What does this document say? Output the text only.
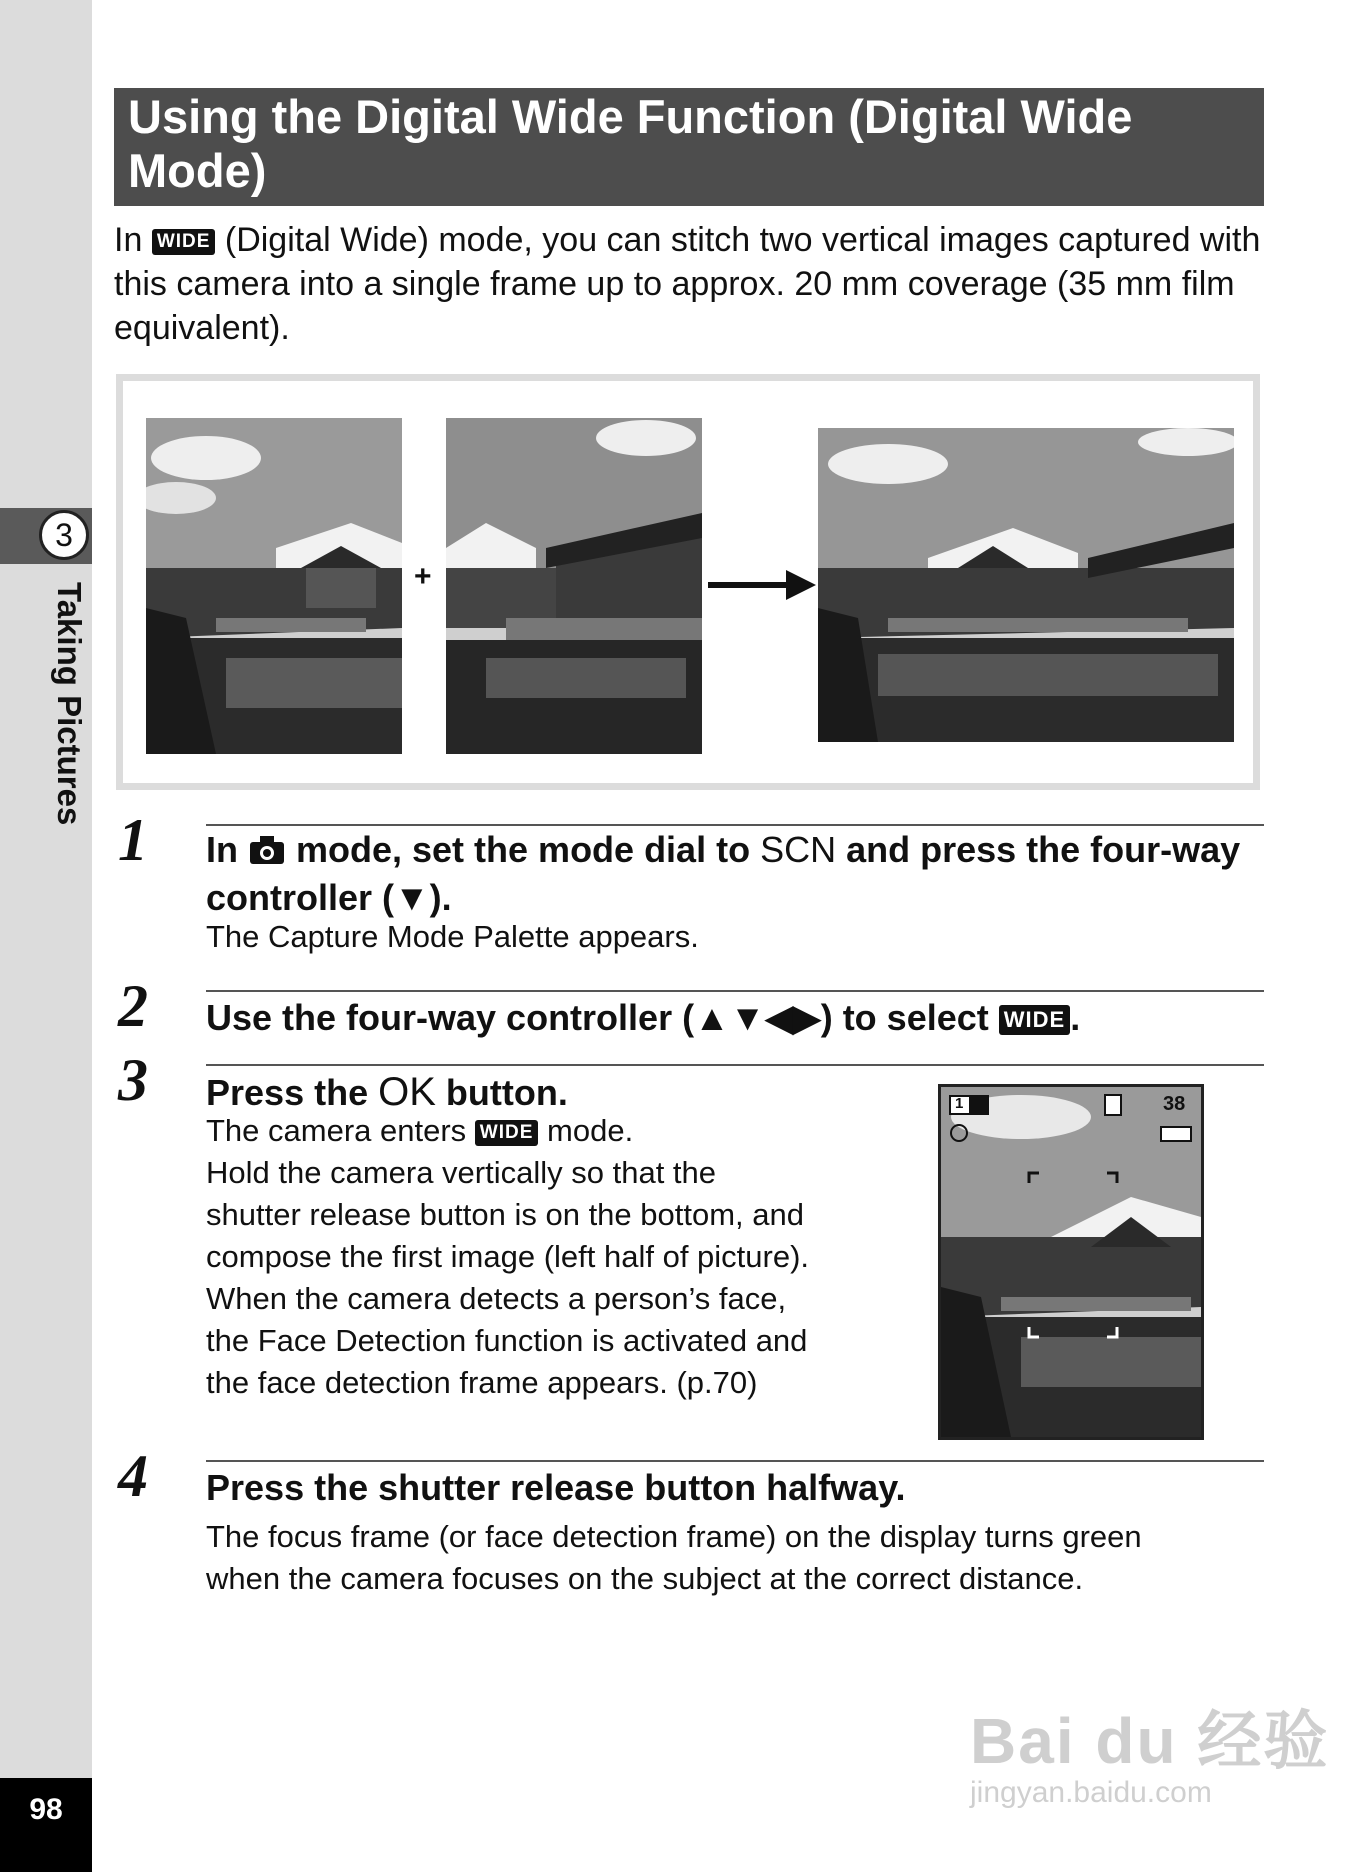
3
Taking Pictures
98
Using the Digital Wide Function (Digital Wide Mode)
In WIDE (Digital Wide) mode, you can stitch two vertical images captured with this camera into a single frame up to approx. 20 mm coverage (35 mm film equivalent).
+
1 In  mode, set the mode dial to SCN and press the four-way controller (▼).
The Capture Mode Palette appears.
2 Use the four-way controller (▲▼◀▶) to select WIDE .
3 Press the OK button.
The camera enters WIDE mode.
Hold the camera vertically so that the
shutter release button is on the bottom, and
compose the first image (left half of picture).
When the camera detects a person’s face,
the Face Detection function is activated and
the face detection frame appears. (p.70)
1	38
4 Press the shutter release button halfway.
The focus frame (or face detection frame) on the display turns green
when the camera focuses on the subject at the correct distance.
Bai du 经验
jingyan.baidu.com
